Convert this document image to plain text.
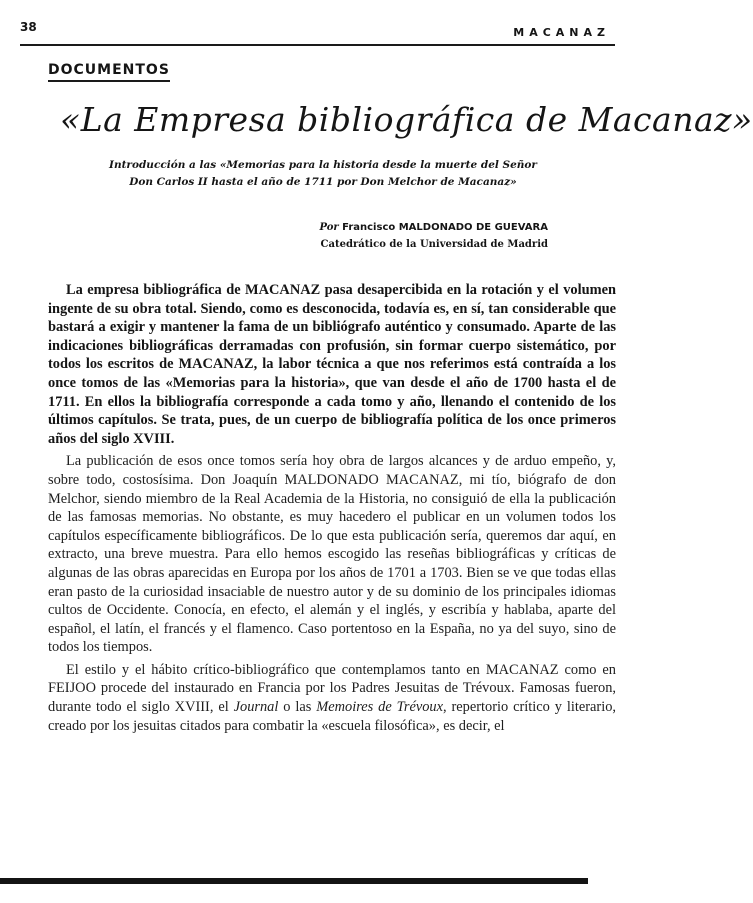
38	MACANAZ
DOCUMENTOS
«La Empresa bibliográfica de Macanaz»
Introducción a las «Memorias para la historia desde la muerte del Señor
Don Carlos II hasta el año de 1711 por Don Melchor de Macanaz»
Por Francisco MALDONADO DE GUEVARA
Catedrático de la Universidad de Madrid

La empresa bibliográfica de MACANAZ pasa desapercibida en la rotación y el volumen ingente de su obra total. Siendo, como es desconocida, todavía es, en sí, tan considerable que bastará a exigir y mantener la fama de un bibliógrafo auténtico y consumado. Aparte de las indicaciones bibliográficas derramadas con profusión, sin formar cuerpo sistemático, por todos los escritos de MACANAZ, la labor técnica a que nos referimos está contraída a los once tomos de las «Memorias para la historia», que van desde el año de 1700 hasta el de 1711. En ellos la bibliografía corresponde a cada tomo y año, llenando el contenido de los últimos capítulos. Se trata, pues, de un cuerpo de bibliografía política de los once primeros años del siglo XVIII.

La publicación de esos once tomos sería hoy obra de largos alcances y de arduo empeño, y, sobre todo, costosísima. Don Joaquín MALDONADO MACANAZ, mi tío, biógrafo de don Melchor, siendo miembro de la Real Academia de la Historia, no consiguió de ella la publicación de las famosas memorias. No obstante, es muy hacedero el publicar en un volumen todos los capítulos específicamente bibliográficos. De lo que esta publicación sería, queremos dar aquí, en extracto, una breve muestra. Para ello hemos escogido las reseñas bibliográficas y críticas de algunas de las obras aparecidas en Europa por los años de 1701 a 1703. Bien se ve que todas ellas eran pasto de la curiosidad insaciable de nuestro autor y de su dominio de los principales idiomas cultos de Occidente. Conocía, en efecto, el alemán y el inglés, y escribía y hablaba, aparte del español, el latín, el francés y el flamenco. Caso portentoso en la España, no ya del suyo, sino de todos los tiempos.

El estilo y el hábito crítico-bibliográfico que contemplamos tanto en MACANAZ como en FEIJOO procede del instaurado en Francia por los Padres Jesuitas de Trévoux. Famosas fueron, durante todo el siglo XVIII, el Journal o las Memoires de Trévoux, repertorio crítico y literario, creado por los jesuitas citados para combatir la «escuela filosófica», es decir, el
